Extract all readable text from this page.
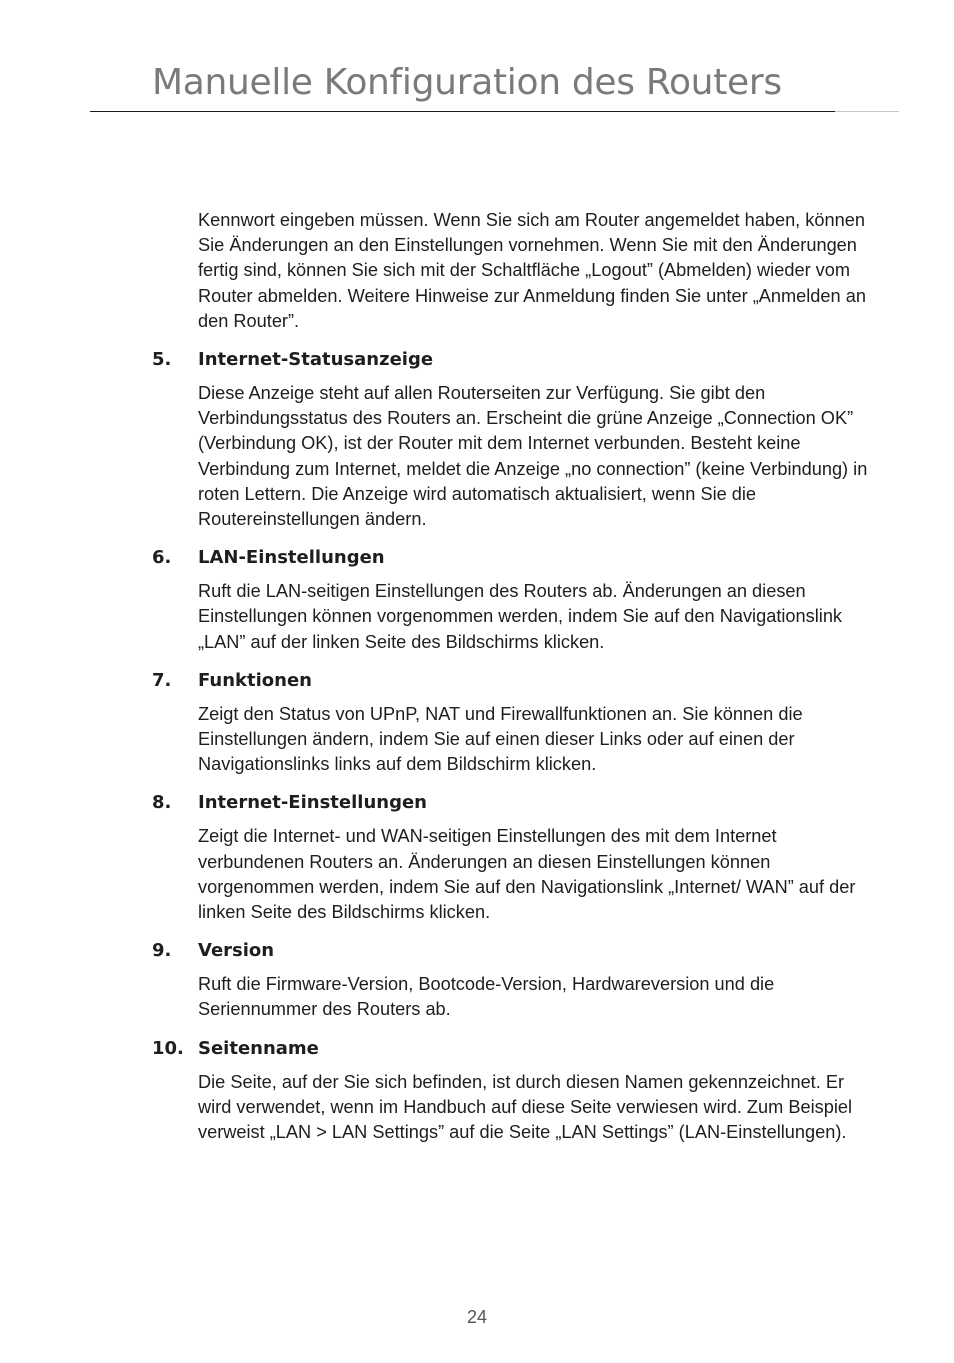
Manuelle Konfiguration des Routers

Kennwort eingeben müssen. Wenn Sie sich am Router angemeldet haben, können Sie Änderungen an den Einstellungen vornehmen. Wenn Sie mit den Änderungen fertig sind, können Sie sich mit der Schaltfläche „Logout” (Abmelden) wieder vom Router abmelden. Weitere Hinweise zur Anmeldung finden Sie unter „Anmelden an den Router”.

5.	Internet-Statusanzeige

Diese Anzeige steht auf allen Routerseiten zur Verfügung. Sie gibt den Verbindungsstatus des Routers an. Erscheint die grüne Anzeige „Connection OK” (Verbindung OK), ist der Router mit dem Internet verbunden. Besteht keine Verbindung zum Internet, meldet die Anzeige „no connection” (keine Verbindung) in roten Lettern. Die Anzeige wird automatisch aktualisiert, wenn Sie die Routereinstellungen ändern.

6.	LAN-Einstellungen

Ruft die LAN-seitigen Einstellungen des Routers ab. Änderungen an diesen Einstellungen können vorgenommen werden, indem Sie auf den Navigationslink „LAN” auf der linken Seite des Bildschirms klicken.

7.	Funktionen

Zeigt den Status von UPnP, NAT und Firewallfunktionen an. Sie können die Einstellungen ändern, indem Sie auf einen dieser Links oder auf einen der Navigationslinks links auf dem Bildschirm klicken.

8.	Internet-Einstellungen

Zeigt die Internet- und WAN-seitigen Einstellungen des mit dem Internet verbundenen Routers an. Änderungen an diesen Einstellungen können vorgenommen werden, indem Sie auf den Navigationslink „Internet/ WAN” auf der linken Seite des Bildschirms klicken.

9.	Version

Ruft die Firmware-Version, Bootcode-Version, Hardwareversion und die Seriennummer des Routers ab.

10. Seitenname

Die Seite, auf der Sie sich befinden, ist durch diesen Namen gekennzeichnet. Er wird verwendet, wenn im Handbuch auf diese Seite verwiesen wird. Zum Beispiel verweist „LAN > LAN Settings” auf die Seite „LAN Settings” (LAN-Einstellungen).

24
